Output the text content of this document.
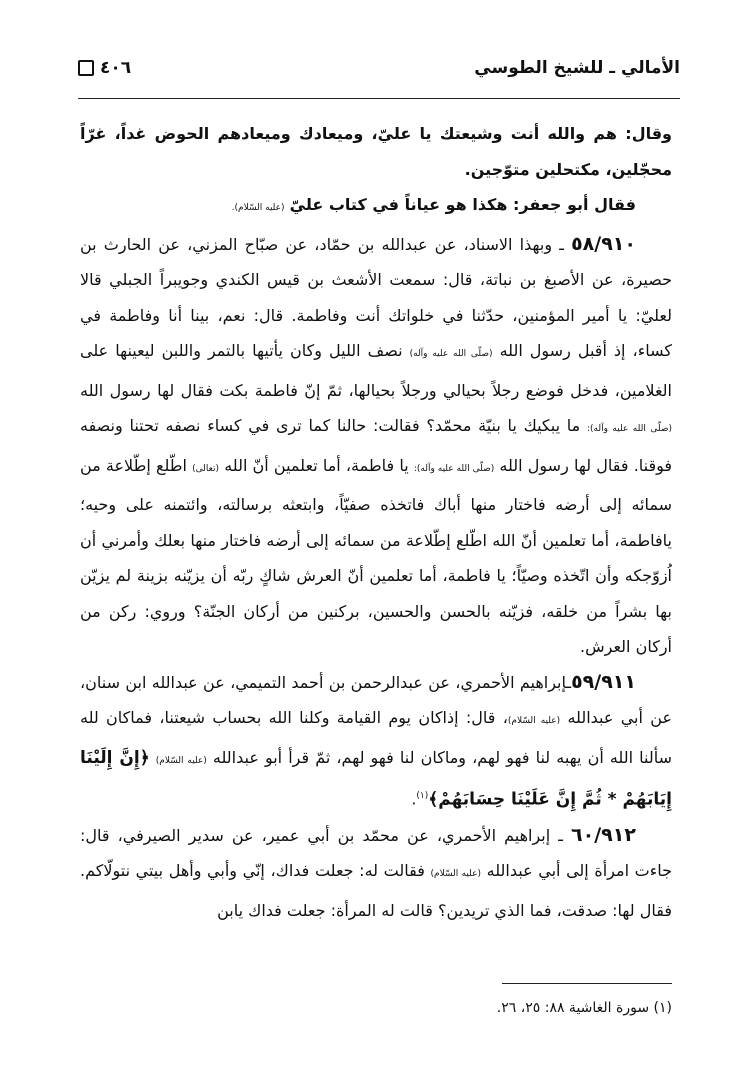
الأمالي ـ للشيخ الطوسي
٤٠٦

وقال: هم والله أنت وشيعتك يا عليّ، وميعادك وميعادهم الحوض غداً، غرّاً محجّلين، مكتحلين متوّجين.

فقال أبو جعفر: هكذا هو عياناً في كتاب عليّ (عليه السّلام).

٥٨/٩١٠ ـ وبهذا الاسناد، عن عبدالله بن حمّاد، عن صبّاح المزني، عن الحارث بن حصيرة، عن الأصبغ بن نباتة، قال: سمعت الأشعث بن قيس الكندي وجويبراً الجبلي قالا لعليّ: يا أمير المؤمنين، حدّثنا في خلواتك أنت وفاطمة. قال: نعم، بينا أنا وفاطمة في كساء، إذ أقبل رسول الله (صلّى الله عليه وآله) نصف الليل وكان يأتيها بالتمر واللبن ليعينها على الغلامين، فدخل فوضع رجلاً بحيالي ورجلاً بحيالها، ثمّ إنّ فاطمة بكت فقال لها رسول الله (صلّى الله عليه وآله): ما يبكيك يا بنيّة محمّد؟ فقالت: حالنا كما ترى في كساء نصفه تحتنا ونصفه فوقنا. فقال لها رسول الله (صلّى الله عليه وآله): يا فاطمة، أما تعلمين أنّ الله (تعالى) اطّلع إطّلاعة من سمائه إلى أرضه فاختار منها أباك فاتخذه صفيّاً، وابتعثه برسالته، وائتمنه على وحيه؛ يافاطمة، أما تعلمين أنّ الله اطّلع إطّلاعة من سمائه إلى أرضه فاختار منها بعلك وأمرني أن اُزوّجكه وأن اتّخذه وصيّاً؛ يا فاطمة، أما تعلمين أنّ العرش شاكٍ ربّه أن يزيّنه بزينة لم يزيّن بها بشراً من خلقه، فزيّنه بالحسن والحسين، بركنين من أركان الجنّة؟ وروي: ركن من أركان العرش.

٥٩/٩١١ـإبراهيم الأحمري، عن عبدالرحمن بن أحمد التميمي، عن عبدالله ابن سنان، عن أبي عبدالله (عليه السّلام)، قال: إذاكان يوم القيامة وكلنا الله بحساب شيعتنا، فماكان لله سألنا الله أن يهبه لنا فهو لهم، وماكان لنا فهو لهم، ثمّ قرأ أبو عبدالله (عليه السّلام) ﴿إِنَّ إِلَيْنَا إِيَابَهُمْ * ثُمَّ إِنَّ عَلَيْنَا حِسَابَهُمْ﴾$^{(١)}$.

٦٠/٩١٢ ـ إبراهيم الأحمري، عن محمّد بن أبي عمير، عن سدير الصيرفي، قال: جاءت امرأة إلى أبي عبدالله (عليه السّلام) فقالت له: جعلت فداك، إنّي وأبي وأهل بيتي نتولّاكم. فقال لها: صدقت، فما الذي تريدين؟ قالت له المرأة: جعلت فداك يابن

(١) سورة الغاشية ٨٨: ٢٥، ٢٦.
